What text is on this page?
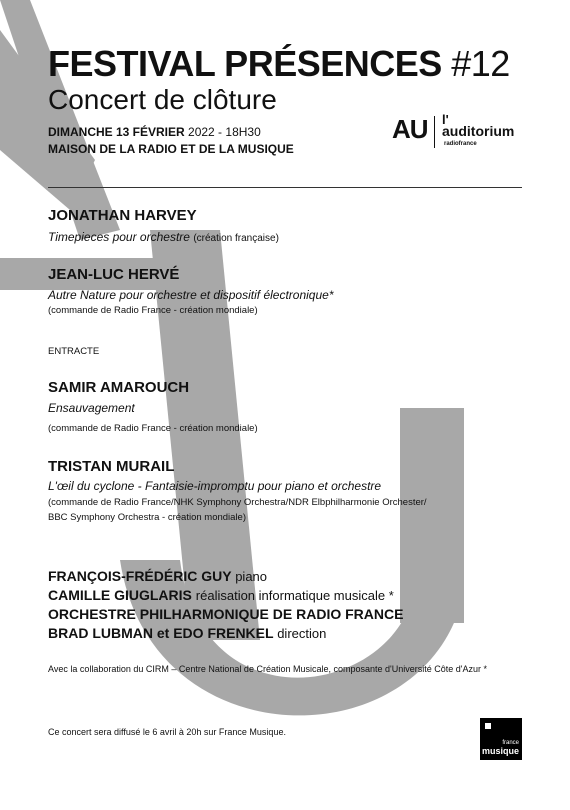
FESTIVAL PRÉSENCES #12
Concert de clôture
DIMANCHE 13 FÉVRIER 2022 - 18H30
MAISON DE LA RADIO ET DE LA MUSIQUE
AU l'
auditorium
radiofrance
JONATHAN HARVEY
Timepieces pour orchestre (création française)
JEAN-LUC HERVÉ
Autre Nature pour orchestre et dispositif électronique*
(commande de Radio France - création mondiale)
ENTRACTE
SAMIR AMAROUCH
Ensauvagement
(commande de Radio France - création mondiale)
TRISTAN MURAIL
L'œil du cyclone - Fantaisie-impromptu pour piano et orchestre
(commande de Radio France/NHK Symphony Orchestra/NDR Elbphilharmonie Orchester/
BBC Symphony Orchestra - création mondiale)
FRANÇOIS-FRÉDÉRIC GUY piano
CAMILLE GIUGLARIS réalisation informatique musicale *
ORCHESTRE PHILHARMONIQUE DE RADIO FRANCE
BRAD LUBMAN et EDO FRENKEL direction
Avec la collaboration du CIRM – Centre National de Création Musicale, composante d'Université Côte d'Azur *
Ce concert sera diffusé le 6 avril à 20h sur France Musique.
france
musique
